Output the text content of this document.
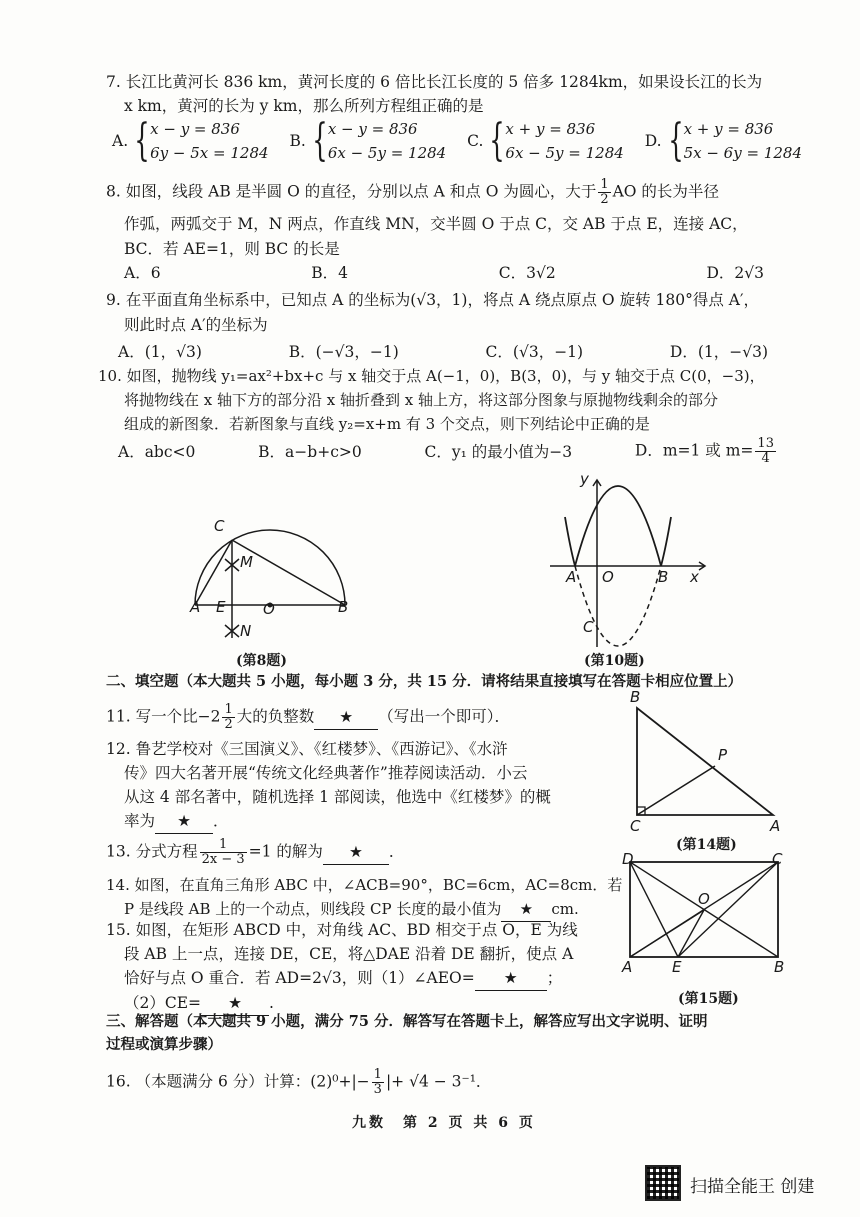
7. 长江比黄河长 836 km，黄河长度的 6 倍比长江长度的 5 倍多 1284km，如果设长江的长为
x km，黄河的长为 y km，那么所列方程组正确的是
A. { x − y = 836
6y − 5x = 1284
B. { x − y = 836
6x − 5y = 1284
C. { x + y = 836
6x − 5y = 1284
D. { x + y = 836
5x − 6y = 1284
8. 如图，线段 AB 是半圆 O 的直径，分别以点 A 和点 O 为圆心，大于 $\frac{1}{2}$ AO 的长为半径
作弧，两弧交于 M，N 两点，作直线 MN，交半圆 O 于点 C，交 AB 于点 E，连接 AC，
BC．若 AE=1，则 BC 的长是
A．6	B．4	C．3√2	D．2√3
9. 在平面直角坐标系中，已知点 A 的坐标为(√3，1)，将点 A 绕点原点 O 旋转 180°得点 A′，
则此时点 A′的坐标为
A．(1，√3)	B．(−√3，−1)	C．(√3，−1)	D．(1，−√3)
10. 如图，抛物线 y₁=ax²+bx+c 与 x 轴交于点 A(−1，0)，B(3，0)，与 y 轴交于点 C(0，−3)，
将抛物线在 x 轴下方的部分沿 x 轴折叠到 x 轴上方，将这部分图象与原抛物线剩余的部分
组成的新图象．若新图象与直线 y₂=x+m 有 3 个交点，则下列结论中正确的是
A．abc<0	B．a−b+c>0	C．y₁ 的最小值为−3	D．m=1 或 $m= \frac{13}{4}$
C
M
A E	O	B
N
(第8题)
y
A O	B x
C
(第10题)
二、填空题（本大题共 5 小题，每小题 3 分，共 15 分．请将结果直接填写在答题卡相应位置上）
11. 写一个比$-2 \frac{1}{2}$ 大的负整数 ★ （写出一个即可）．
12. 鲁艺学校对《三国演义》、《红楼梦》、《西游记》、《水浒
传》四大名著开展“传统文化经典著作”推荐阅读活动．小云
从这 4 部名著中，随机选择 1 部阅读，他选中《红楼梦》的概
率为 ★ ．
13. 分式方程 $\frac{1}{2x - 3} =1$ 的解为 ★ ．
14. 如图，在直角三角形 ABC 中，∠ACB=90°，BC=6cm，AC=8cm．若
P 是线段 AB 上的一个动点，则线段 CP 长度的最小值为 ★ cm.
B
P
C	A
(第14题)
15. 如图，在矩形 ABCD 中，对角线 AC、BD 相交于点 O，E 为线
段 AB 上一点，连接 DE，CE，将△DAE 沿着 DE 翻折，使点 A
恰好与点 O 重合．若 AD=2√3，则（1）∠AEO= ★ ；
（2）CE= ★ .
D	C
O
A	E	B
(第15题)
三、解答题（本大题共 9 小题，满分 75 分．解答写在答题卡上，解答应写出文字说明、证明
过程或演算步骤）
16. （本题满分 6 分）计算：$(2)^0+|- \frac{1}{3}$ |+ √4 − 3⁻¹．
九数　第 2 页 共 6 页
扫描全能王 创建
